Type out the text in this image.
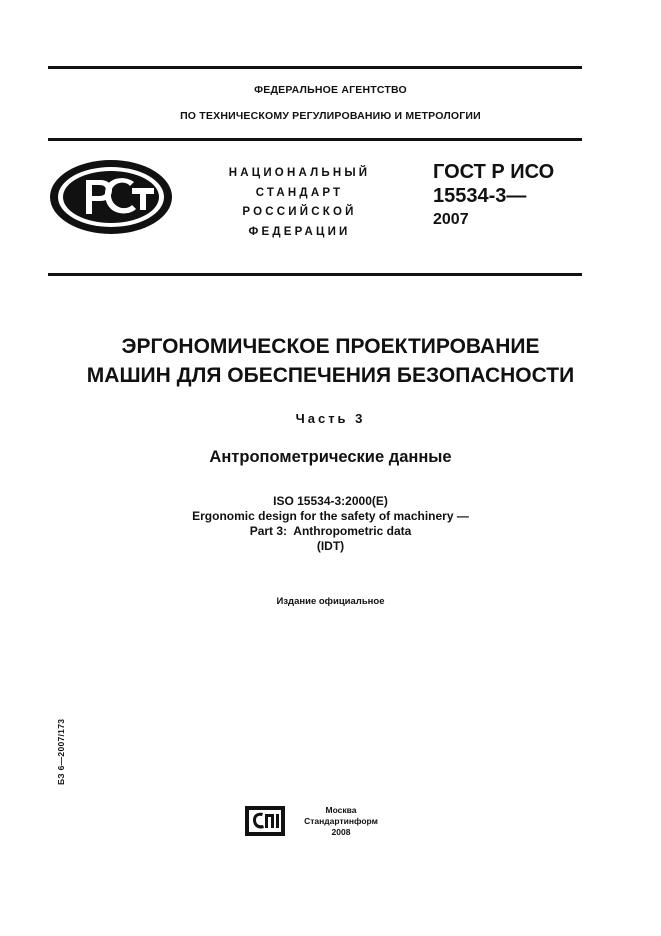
ФЕДЕРАЛЬНОЕ АГЕНТСТВО
ПО ТЕХНИЧЕСКОМУ РЕГУЛИРОВАНИЮ И МЕТРОЛОГИИ
НАЦИОНАЛЬНЫЙ
СТАНДАРТ
РОССИЙСКОЙ
ФЕДЕРАЦИИ
ГОСТ Р ИСО
15534-3—
2007
ЭРГОНОМИЧЕСКОЕ ПРОЕКТИРОВАНИЕ
МАШИН ДЛЯ ОБЕСПЕЧЕНИЯ БЕЗОПАСНОСТИ
Часть 3
Антропометрические данные
ISO 15534-3:2000(E)
Ergonomic design for the safety of machinery —
Part 3:  Anthropometric data
(IDT)
Издание официальное
БЗ 6—2007/173
Москва
Стандартинформ
2008
